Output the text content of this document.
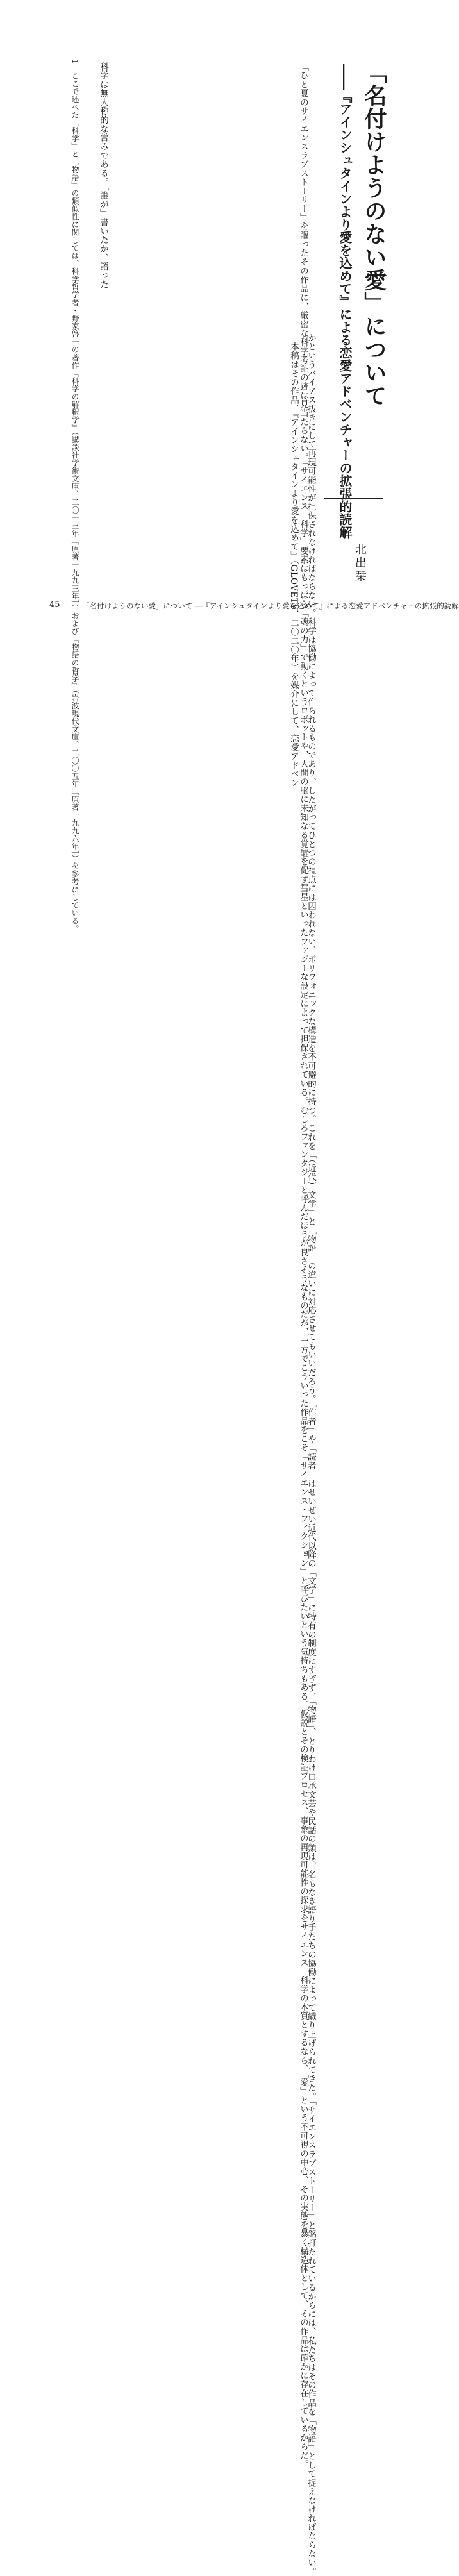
「名付けようのない愛」について
――『アインシュタインより愛を込めて』による恋愛アドベンチャーの拡張的読解
北出栞
「ひと夏のサイエンスラブストーリー」を謳ったその作品に、厳密な科学考証の跡は見当たらない。「サイエンス＝科学」要素はもっぱら「魂の力」で動くというロボットや、人間の脳に未知なる覚醒を促す彗星といったファジーな設定によって担保されている。むしろファンタジーと呼んだほうが良さそうなものだが、一方でこういった作品をこそ「サイエンス・フィクション」と呼びたいという気持ちもある。仮説とその検証プロセス、事象の再現可能性の探求をサイエンス＝科学の本質とするなら、「愛」という不可視の中心、その実態を暴く構造体として、その作品は確かに存在しているからだ。
科学は無人称的な営みである。「誰が」書いたか、語った
かというバイアス抜きにして再現可能性が担保されなければならない。科学は協働によって作られるものであり、したがってひとつの視点には囚われない、ポリフォニックな構造を不可避的に持つ。これを「（近代）文学」と「物語」の違いに対応させてもいいだろう。「作者」や「読者」はせいぜい近代以降の「文学」に特有の制度にすぎず、「物語」、とりわけ口承文芸や民話の類は、名もなき語り手たちの協働によって織り上げられてきた。「サイエンスラブストーリー」と銘打たれているからには、私たちはその作品を「物語」として捉えなければならない。
　本稿はその作品、『アインシュタインより愛を込めて』（GLOVETY、二〇二〇年）を媒介にして、恋愛アドベン
1　ここで述べた「科学」と「物語」の類似性に関しては、科学哲学者・野家啓一の著作『科学の解釈学』（講談社学術文庫、二〇一三年［原著一九九三年］）および『物語の哲学』（岩波現代文庫、二〇〇五年［原著一九九六年］）を参考にしている。
45	「名付けようのない愛」について ―『アインシュタインより愛を込めて』による恋愛アドベンチャーの拡張的読解
